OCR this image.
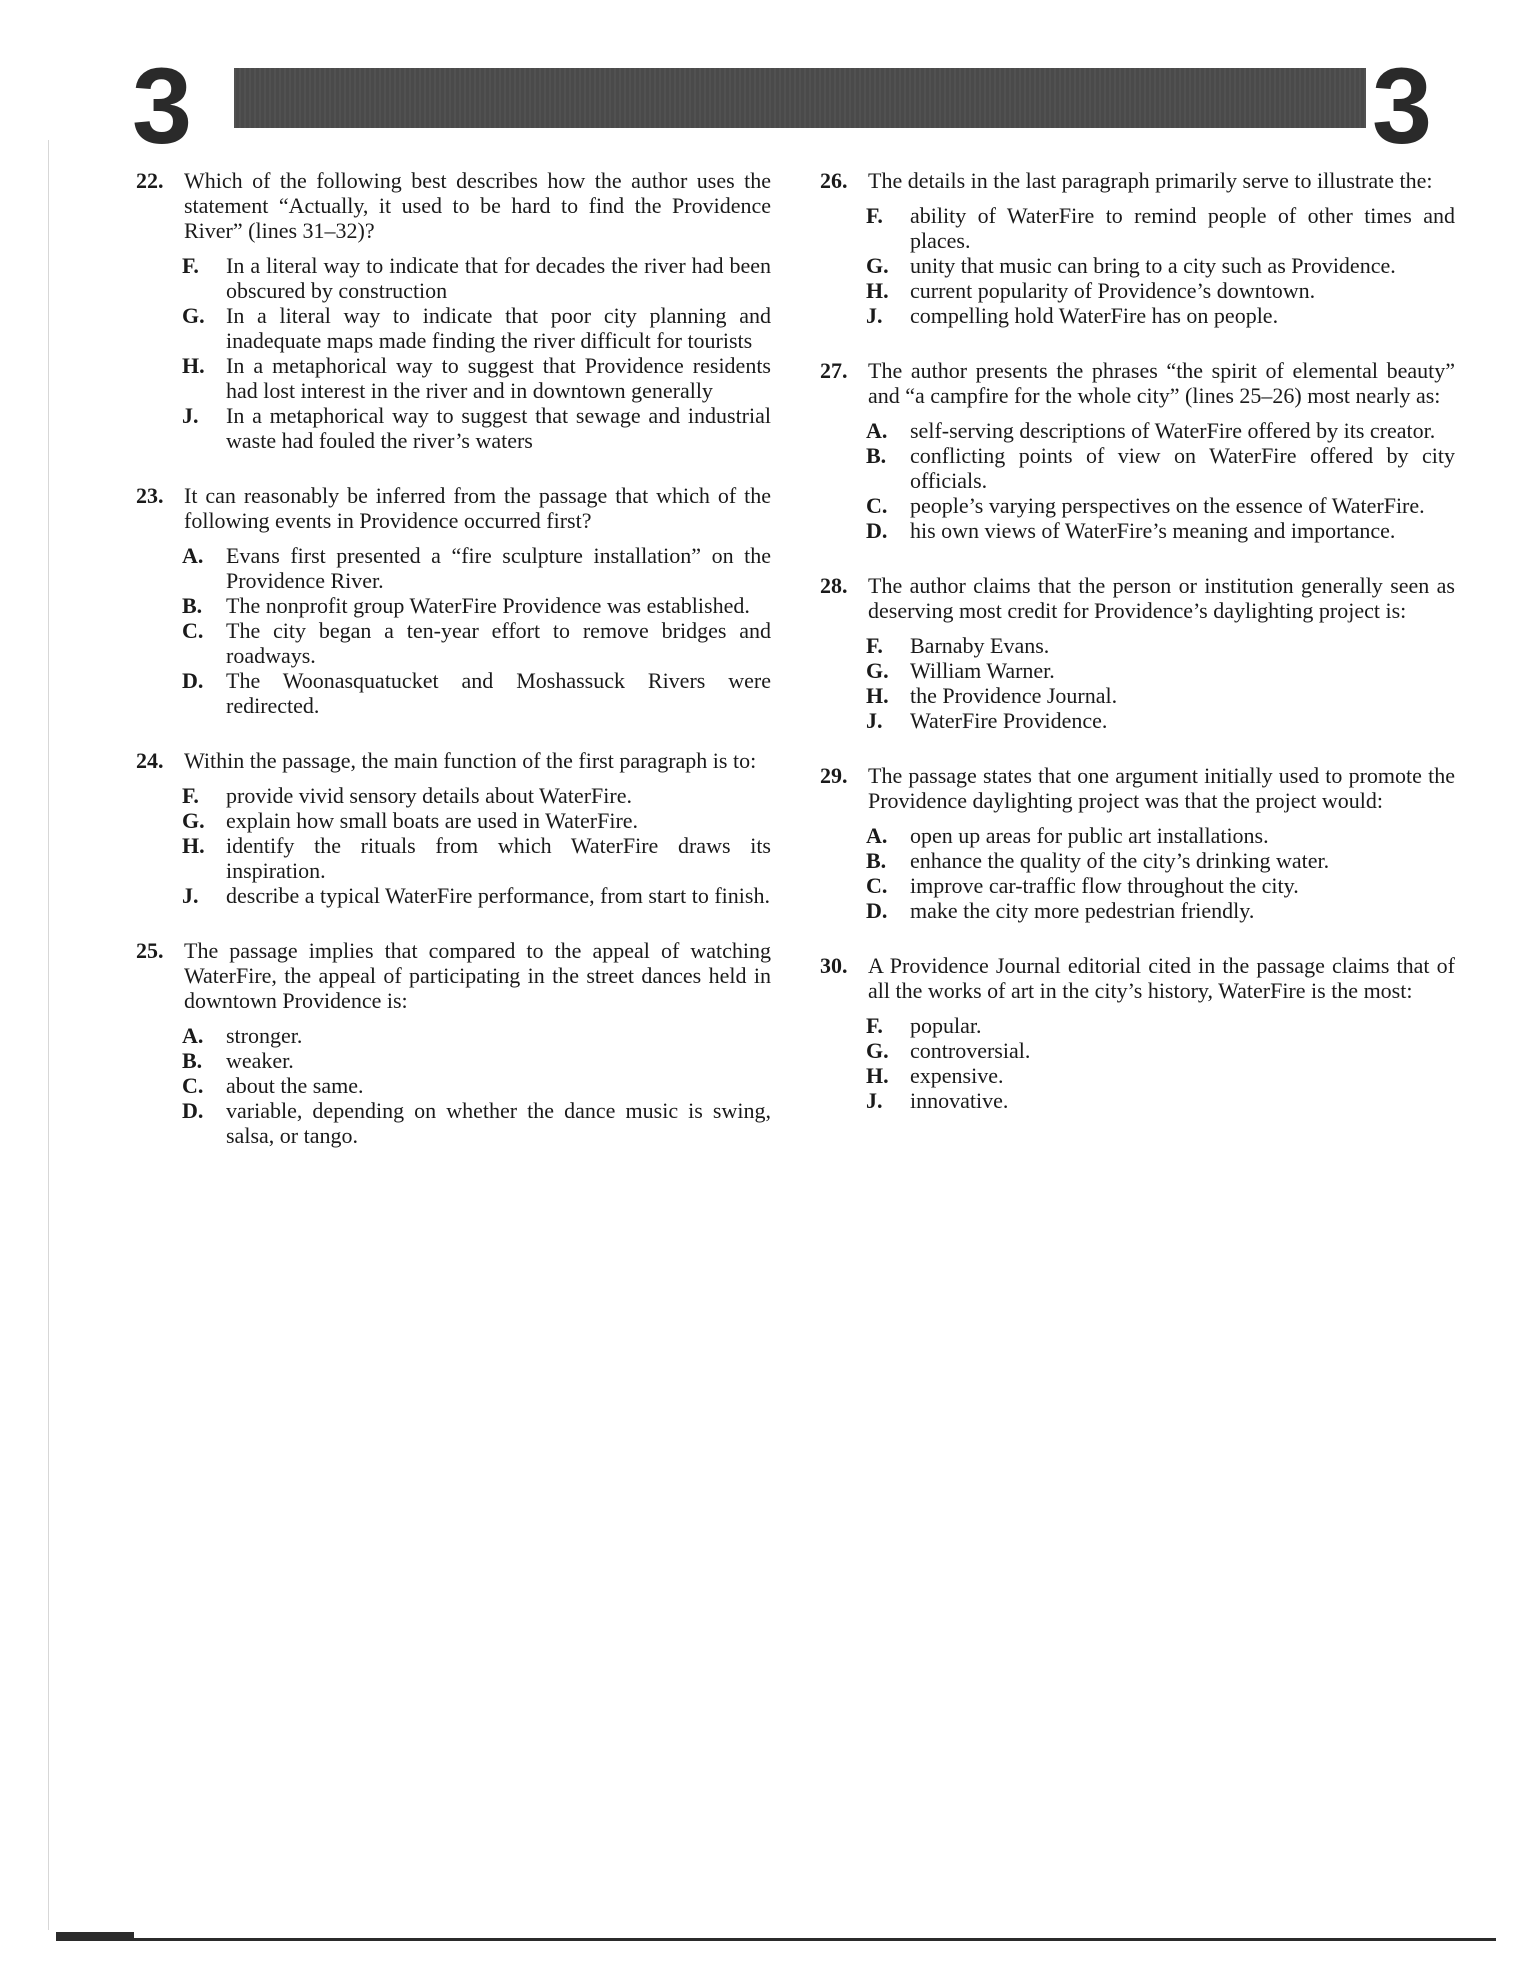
3	3
22. Which of the following best describes how the author uses the statement “Actually, it used to be hard to find the Providence River” (lines 31–32)?
F.	In a literal way to indicate that for decades the river had been obscured by construction
G. In a literal way to indicate that poor city planning and inadequate maps made finding the river difficult for tourists
H. In a metaphorical way to suggest that Providence residents had lost interest in the river and in downtown generally
J.	In a metaphorical way to suggest that sewage and industrial waste had fouled the river’s waters
23. It can reasonably be inferred from the passage that which of the following events in Providence occurred first?
A.	Evans first presented a “fire sculpture installation” on the Providence River.
B.	The nonprofit group WaterFire Providence was established.
C.	The city began a ten-year effort to remove bridges and roadways.
D.	The Woonasquatucket and Moshassuck Rivers were redirected.
24. Within the passage, the main function of the first paragraph is to:
F.	provide vivid sensory details about WaterFire.
G. explain how small boats are used in WaterFire.
H. identify the rituals from which WaterFire draws its inspiration.
J.	describe a typical WaterFire performance, from start to finish.
25. The passage implies that compared to the appeal of watching WaterFire, the appeal of participating in the street dances held in downtown Providence is:
A.	stronger.
B.	weaker.
C.	about the same.
D.	variable, depending on whether the dance music is swing, salsa, or tango.
26. The details in the last paragraph primarily serve to illustrate the:
F.	ability of WaterFire to remind people of other times and places.
G. unity that music can bring to a city such as Providence.
H. current popularity of Providence’s downtown.
J.	compelling hold WaterFire has on people.
27. The author presents the phrases “the spirit of elemental beauty” and “a campfire for the whole city” (lines 25–26) most nearly as:
A.	self-serving descriptions of WaterFire offered by its creator.
B.	conflicting points of view on WaterFire offered by city officials.
C.	people’s varying perspectives on the essence of WaterFire.
D.	his own views of WaterFire’s meaning and importance.
28. The author claims that the person or institution generally seen as deserving most credit for Providence’s daylighting project is:
F.	Barnaby Evans.
G. William Warner.
H. the Providence Journal.
J.	WaterFire Providence.
29. The passage states that one argument initially used to promote the Providence daylighting project was that the project would:
A.	open up areas for public art installations.
B.	enhance the quality of the city’s drinking water.
C.	improve car-traffic flow throughout the city.
D.	make the city more pedestrian friendly.
30. A Providence Journal editorial cited in the passage claims that of all the works of art in the city’s history, WaterFire is the most:
F.	popular.
G. controversial.
H. expensive.
J.	innovative.
